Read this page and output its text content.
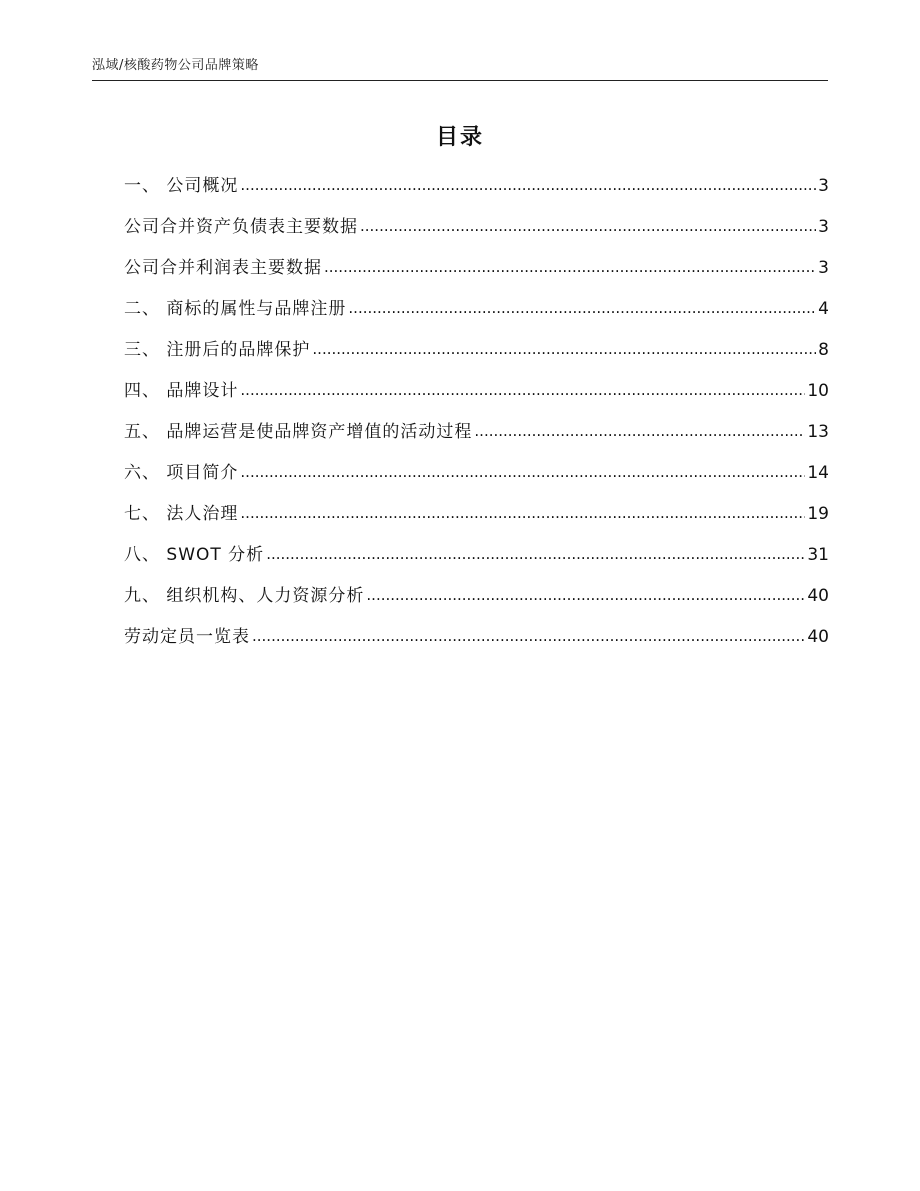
泓域/核酸药物公司品牌策略
目录
一、 公司概况 .....	3
公司合并资产负债表主要数据 .....	3
公司合并利润表主要数据 .....	3
二、 商标的属性与品牌注册 .....	4
三、 注册后的品牌保护 .....	8
四、 品牌设计 .....	10
五、 品牌运营是使品牌资产增值的活动过程 .....	13
六、 项目简介 .....	14
七、 法人治理 .....	19
八、 SWOT 分析 .....	31
九、 组织机构、人力资源分析 .....	40
劳动定员一览表 .....	40
